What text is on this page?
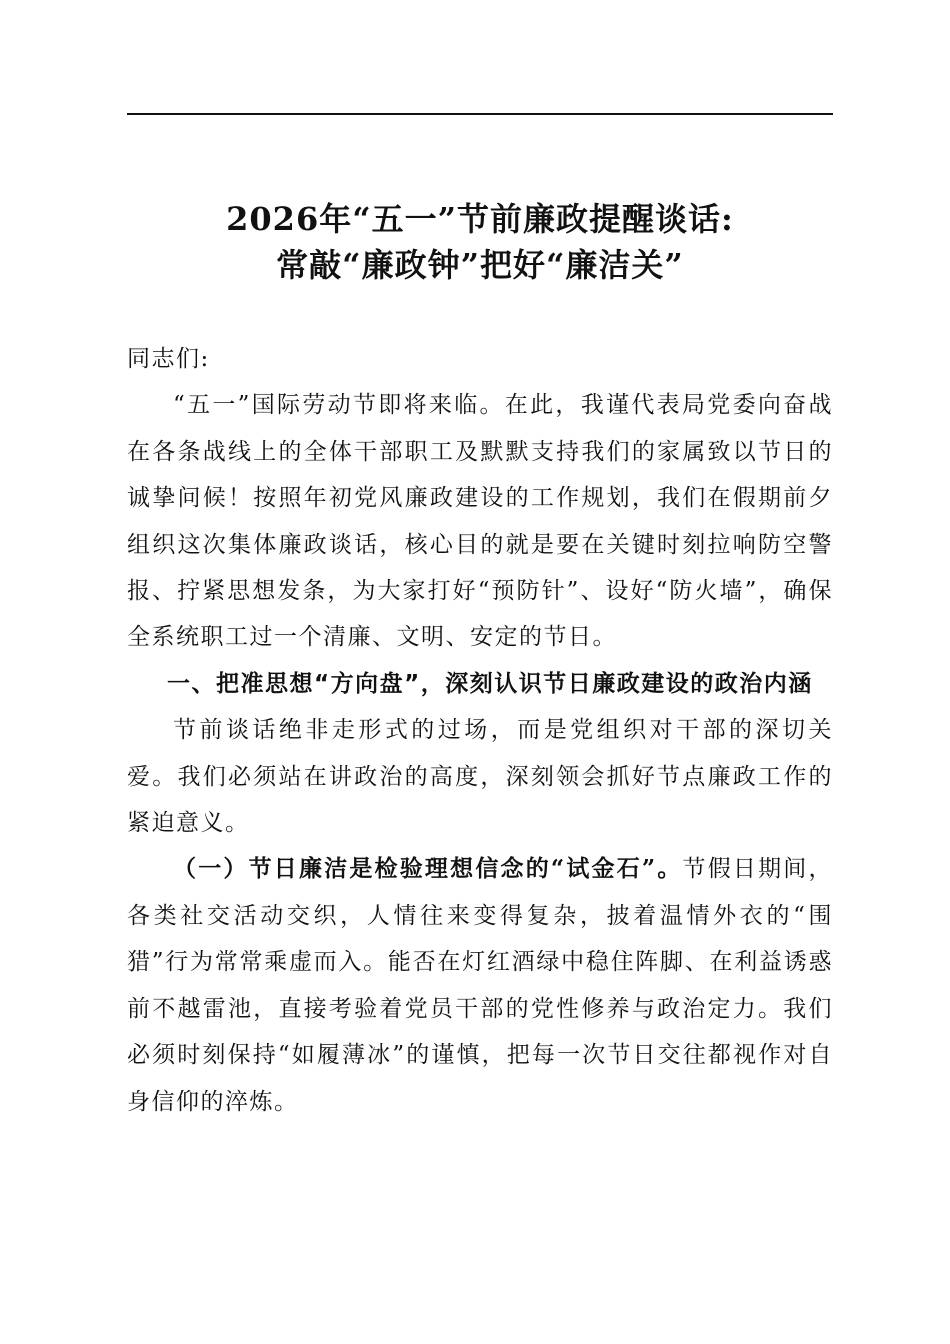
2026年“五一”节前廉政提醒谈话:
常敲“廉政钟”把好“廉洁关”

同志们:

“五一”国际劳动节即将来临。在此，我谨代表局党委向奋战在各条战线上的全体干部职工及默默支持我们的家属致以节日的诚挚问候！按照年初党风廉政建设的工作规划，我们在假期前夕组织这次集体廉政谈话，核心目的就是要在关键时刻拉响防空警报、拧紧思想发条，为大家打好“预防针”、设好“防火墙”，确保全系统职工过一个清廉、文明、安定的节日。

一、把准思想“方向盘”，深刻认识节日廉政建设的政治内涵

节前谈话绝非走形式的过场，而是党组织对干部的深切关爱。我们必须站在讲政治的高度，深刻领会抓好节点廉政工作的紧迫意义。

（一）节日廉洁是检验理想信念的“试金石”。节假日期间，各类社交活动交织，人情往来变得复杂，披着温情外衣的“围猎”行为常常乘虚而入。能否在灯红酒绿中稳住阵脚、在利益诱惑前不越雷池，直接考验着党员干部的党性修养与政治定力。我们必须时刻保持“如履薄冰”的谨慎，把每一次节日交往都视作对自身信仰的淬炼。
